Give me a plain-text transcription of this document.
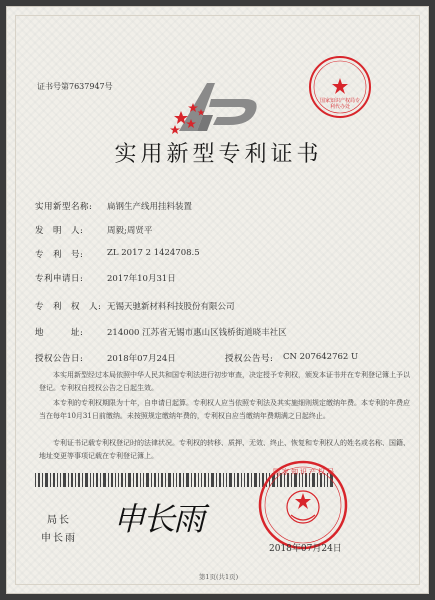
证书号第7637947号
国家知识产权局专利代办处
实用新型专利证书
实用新型名称: 扁钢生产线用挂料装置
发　明　人:	周毅;周贤平
专　利　号:	ZL 2017 2 1424708.5
专利申请日:	2017年10月31日
专　利　权　人: 无锡天驰新材料科技股份有限公司
地　　　址:	214000 江苏省无锡市惠山区钱桥街道晓丰社区
授权公告日:	2018年07月24日	授权公告号: CN 207642762 U
本实用新型经过本局依照中华人民共和国专利法进行初步审查，决定授予专利权，颁发本证书并在专利登记簿上予以登记。专利权自授权公告之日起生效。
本专利的专利权期限为十年，自申请日起算。专利权人应当依照专利法及其实施细则规定缴纳年费。本专利的年费应当在每年10月31日前缴纳。未按照规定缴纳年费的，专利权自应当缴纳年费期满之日起终止。
专利证书记载专利权登记时的法律状况。专利权的转移、质押、无效、终止、恢复和专利权人的姓名或名称、国籍、地址变更等事项记载在专利登记簿上。
局长
申长雨
申长雨
国家知识产权局
2018年07月24日
第1页(共1页)
